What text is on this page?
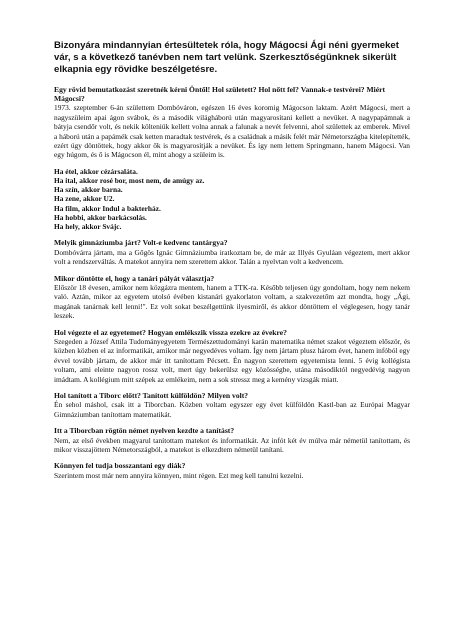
Bizonyára mindannyian értesültetek róla, hogy Mágocsi Ági néni gyermeket vár, s a következő tanévben nem tart velünk. Szerkesztőségünknek sikerült elkapnia egy rövidke beszélgetésre.

Egy rövid bemutatkozást szeretnék kérni Öntől! Hol született? Hol nőtt fel? Vannak-e testvérei? Miért Mágocsi?

1973. szeptember 6-án születtem Dombóváron, egészen 16 éves koromig Mágocson laktam. Azért Mágocsi, mert a nagyszüleim apai ágon svábok, és a második világháború után magyarosítani kellett a nevüket. A nagypapámnak a bátyja csendőr volt, és nekik költeniük kellett volna annak a falunak a nevét felvenni, ahol születtek az emberek. Mivel a háború után a papámék csak ketten maradtak testvérek, és a családnak a másik felét már Németországba kitelepítették, ezért úgy döntöttek, hogy akkor ők is magyarosítják a nevüket. És így nem lettem Springmann, hanem Mágocsi. Van egy húgom, és ő is Mágocson él, mint ahogy a szüleim is.

Ha étel, akkor cézársaláta.

Ha ital, akkor rosé bor, most nem, de amúgy az.

Ha szín, akkor barna.

Ha zene, akkor U2.

Ha film, akkor Indul a bakterház.

Ha hobbi, akkor barkácsolás.

Ha hely, akkor Svájc.

Melyik gimnáziumba járt? Volt-e kedvenc tantárgya?

Dombóvárra jártam, ma a Gőgös Ignác Gimnáziumba iratkoztam be, de már az Illyés Gyuláan végeztem, mert akkor volt a rendszerváltás. A matekot annyira nem szerettem akkor. Talán a nyelvtan volt a kedvencem.

Mikor döntötte el, hogy a tanári pályát választja?

Először 18 évesen, amikor nem közgázra mentem, hanem a TTK-ra. Később teljesen úgy gondoltam, hogy nem nekem való. Aztán, mikor az egyetem utolsó évében kistanári gyakorlaton voltam, a szakvezetőm azt mondta, hogy „Ági, magának tanárnak kell lenni!". Ez volt sokat beszélgettünk ilyesmiről, és akkor döntöttem el véglegesen, hogy tanár leszek.

Hol végezte el az egyetemet? Hogyan emlékszik vissza ezekre az évekre?

Szegeden a József Attila Tudományegyetem Természettudományi karán matematika német szakot végeztem először, és közben közben el az informatikát, amikor már negyedéves voltam. Így nem jártam plusz három évet, hanem infóból egy évvel tovább jártam, de akkor már itt tanítottam Pécsett. Én nagyon szerettem egyetemista lenni. 5 évig kollégista voltam, ami eleinte nagyon rossz volt, mert úgy bekerülsz egy közösségbe, utána másodiktól negyedévig nagyon imádtam. A kollégium mitt szépek az emlékeim, nem a sok stressz meg a kemény vizsgák miatt.

Hol tanított a Tiborc előtt? Tanított külföldön? Milyen volt?

Én sehol máshol, csak itt a Tiborcban. Közben voltam egyszer egy évet külföldön Kastl-ban az Európai Magyar Gimnáziumban tanítottam matematikát.

Itt a Tiborcban rögtön német nyelven kezdte a tanítást?

Nem, az első években magyarul tanítottam matekot és informatikát. Az infót két év múlva már németül tanítottam, és mikor visszajöttem Németországból, a matekot is elkezdtem németül tanítani.

Könnyen fel tudja bosszantani egy diák?

Szerintem most már nem annyira könnyen, mint régen. Ezt meg kell tanulni kezelni.
